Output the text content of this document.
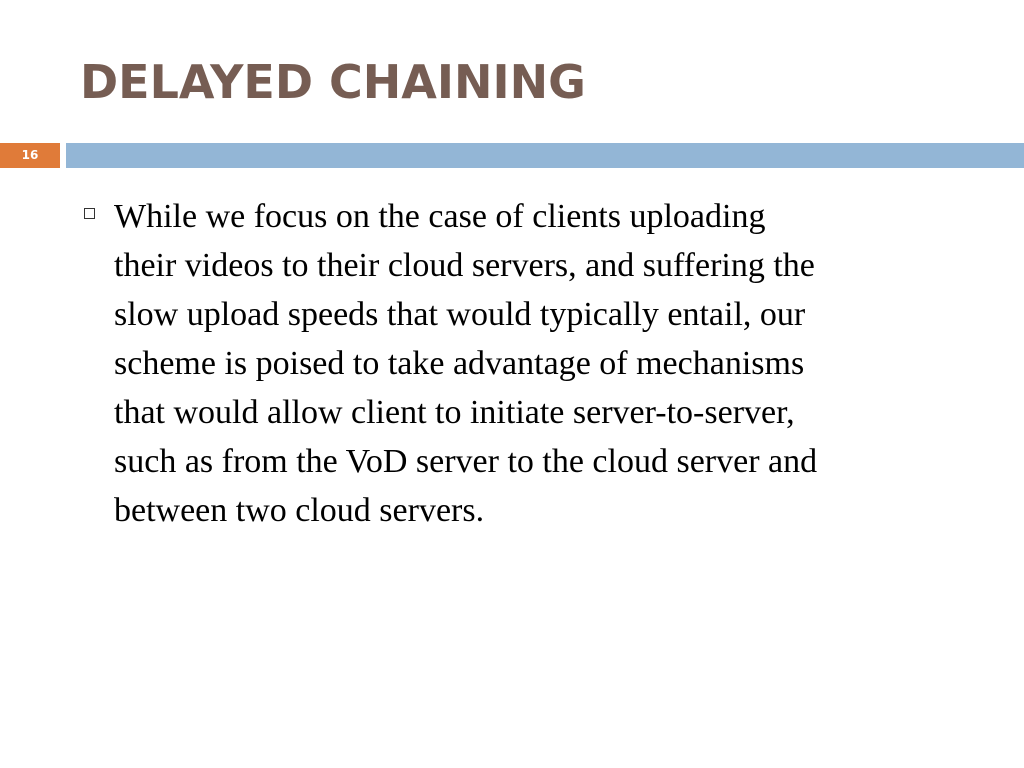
DELAYED CHAINING
16
While we focus on the case of clients uploading
their videos to their cloud servers, and suffering the
slow upload speeds that would typically entail, our
scheme is poised to take advantage of mechanisms
that would allow client to initiate server-to-server,
such as from the VoD server to the cloud server and
between two cloud servers.
